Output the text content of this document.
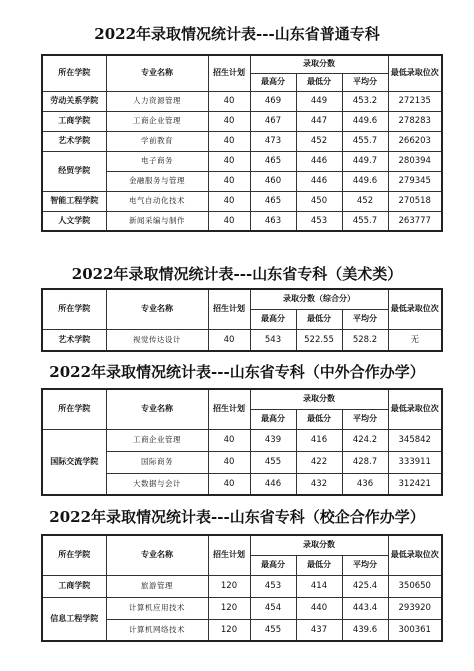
2022年录取情况统计表---山东省普通专科
所在学院	专业名称	招生计划	录取分数			最低录取位次
			最高分	最低分	平均分	
劳动关系学院	人力资源管理	40	469	449	453.2	272135
工商学院	工商企业管理	40	467	447	449.6	278283
艺术学院	学前教育	40	473	452	455.7	266203
经贸学院	电子商务	40	465	446	449.7	280394
	金融服务与管理	40	460	446	449.6	279345
智能工程学院	电气自动化技术	40	465	450	452	270518
人文学院	新闻采编与制作	40	463	453	455.7	263777
2022年录取情况统计表---山东省专科（美术类）
所在学院	专业名称	招生计划	录取分数（综合分）			最低录取位次
			最高分	最低分	平均分	
艺术学院	视觉传达设计	40	543	522.55	528.2	无
2022年录取情况统计表---山东省专科（中外合作办学）
所在学院	专业名称	招生计划	录取分数			最低录取位次
			最高分	最低分	平均分	
国际交流学院	工商企业管理	40	439	416	424.2	345842
	国际商务	40	455	422	428.7	333911
	大数据与会计	40	446	432	436	312421
2022年录取情况统计表---山东省专科（校企合作办学）
所在学院	专业名称	招生计划	录取分数			最低录取位次
			最高分	最低分	平均分	
工商学院	旅游管理	120	453	414	425.4	350650
信息工程学院	计算机应用技术	120	454	440	443.4	293920
	计算机网络技术	120	455	437	439.6	300361
